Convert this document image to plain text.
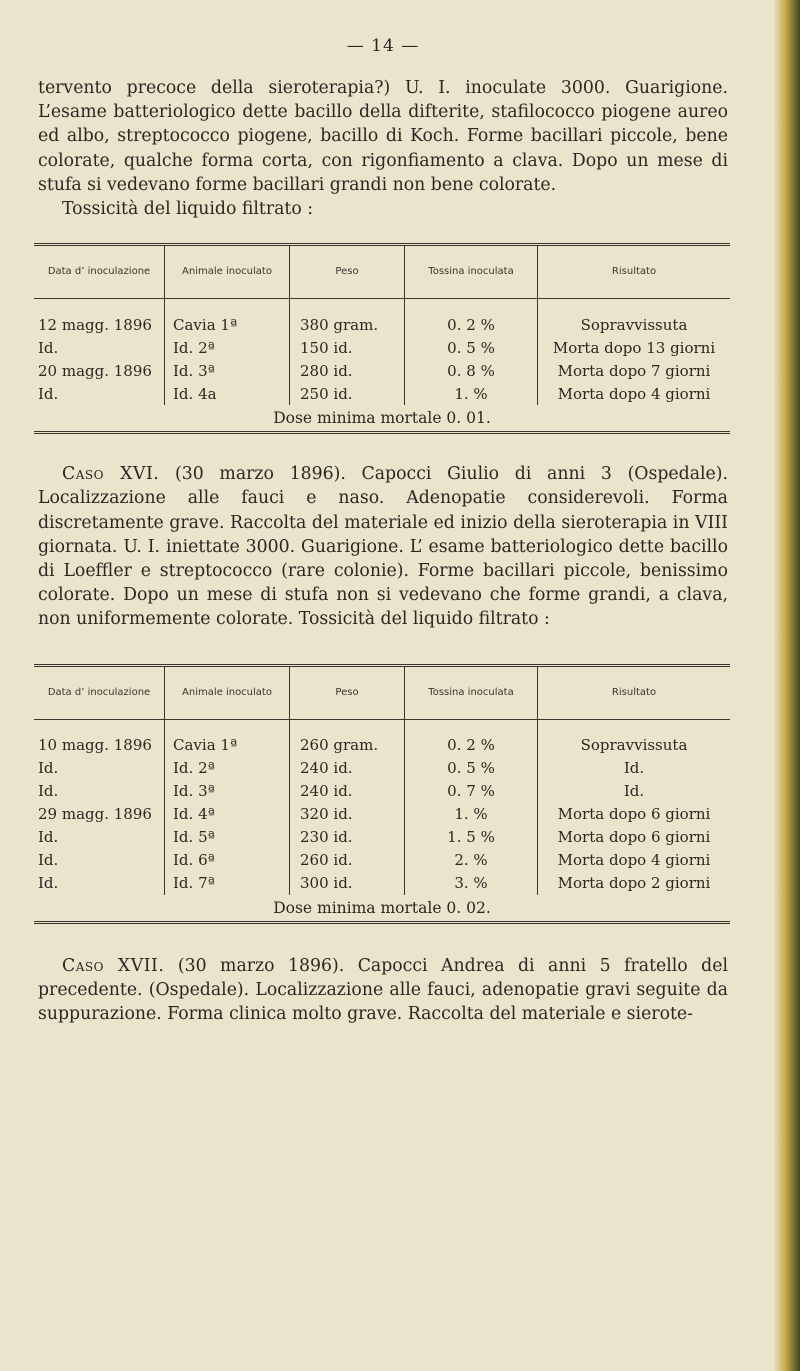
— 14 —

tervento precoce della sieroterapia?) U. I. inoculate 3000. Guarigione. L’esame batteriologico dette bacillo della difterite, stafilococco piogene aureo ed albo, streptococco piogene, bacillo di Koch. Forme bacillari piccole, bene colorate, qualche forma corta, con rigonfiamento a clava. Dopo un mese di stufa si vedevano forme bacillari grandi non bene colorate.

Tossicità del liquido filtrato :

Data d’ inoculazione	Animale inoculato	Peso	Tossina inoculata	Risultato

12 magg. 1896	Cavia 1ª	380 gram.	0. 2 %	Sopravvissuta
Id.	Id. 2ª	150 id.	0. 5 %	Morta dopo 13 giorni
20 magg. 1896	Id. 3ª	280 id.	0. 8 %	Morta dopo 7 giorni
Id.	Id. 4a	250 id.	1. %	Morta dopo 4 giorni
Dose minima mortale 0. 01.				

Caso XVI. (30 marzo 1896). Capocci Giulio di anni 3 (Ospedale). Localizzazione alle fauci e naso. Adenopatie considerevoli. Forma discretamente grave. Raccolta del materiale ed inizio della sieroterapia in VIII giornata. U. I. iniettate 3000. Guarigione. L’ esame batteriologico dette bacillo di Loeffler e streptococco (rare colonie). Forme bacillari piccole, benissimo colorate. Dopo un mese di stufa non si vedevano che forme grandi, a clava, non uniformemente colorate. Tossicità del liquido filtrato :

Data d’ inoculazione	Animale inoculato	Peso	Tossina inoculata	Risultato

10 magg. 1896	Cavia 1ª	260 gram.	0. 2 %	Sopravvissuta
Id.	Id. 2ª	240 id.	0. 5 %	Id.
Id.	Id. 3ª	240 id.	0. 7 %	Id.
29 magg. 1896	Id. 4ª	320 id.	1. %	Morta dopo 6 giorni
Id.	Id. 5ª	230 id.	1. 5 %	Morta dopo 6 giorni
Id.	Id. 6ª	260 id.	2. %	Morta dopo 4 giorni
Id.	Id. 7ª	300 id.	3. %	Morta dopo 2 giorni
Dose minima mortale 0. 02.				

Caso XVII. (30 marzo 1896). Capocci Andrea di anni 5 fratello del precedente. (Ospedale). Localizzazione alle fauci, adenopatie gravi seguite da suppurazione. Forma clinica molto grave. Raccolta del materiale e sierote-
